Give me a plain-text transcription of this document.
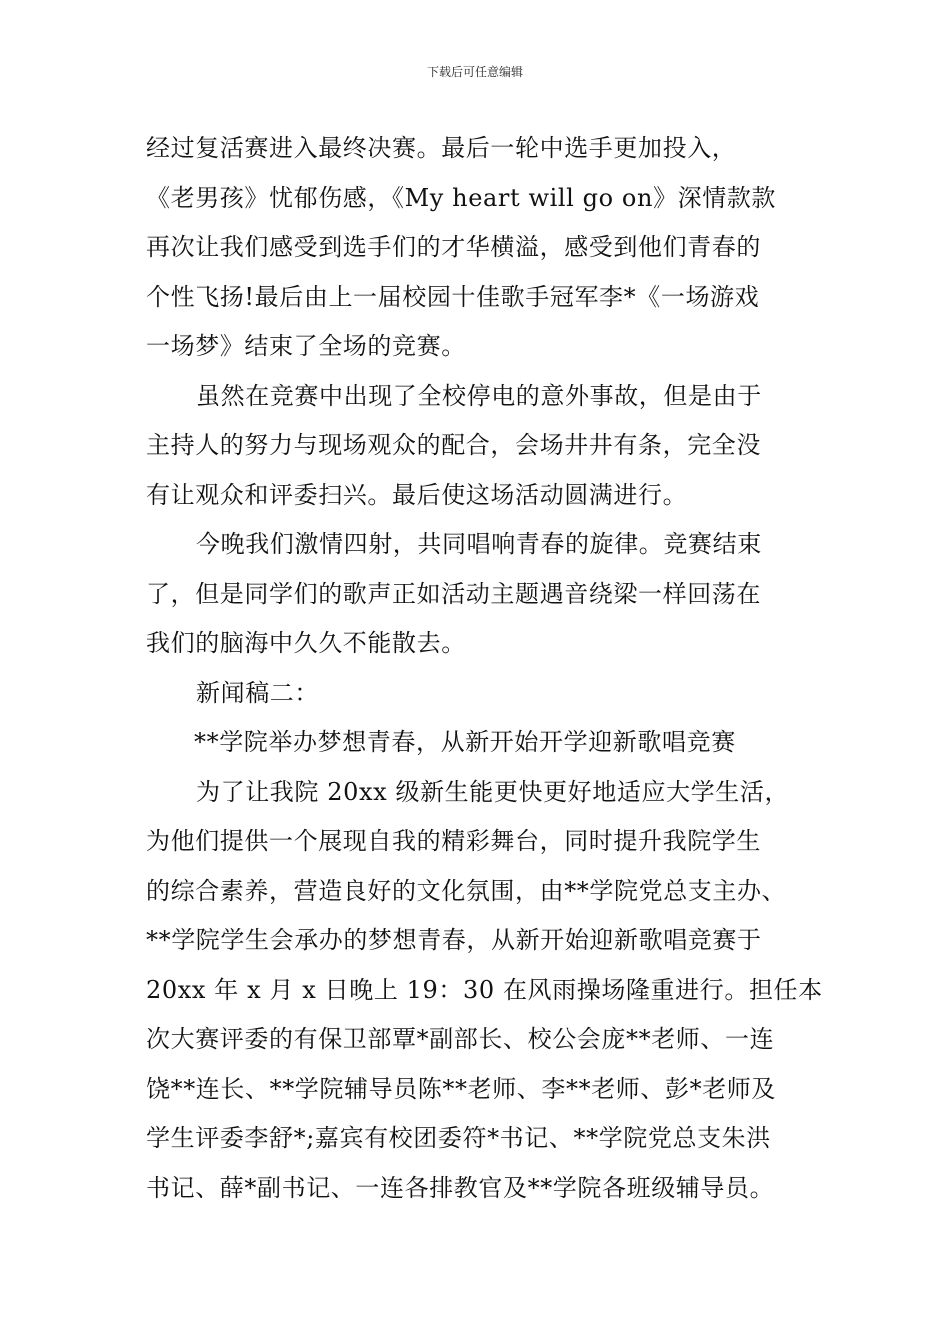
下载后可任意编辑
经过复活赛进入最终决赛。最后一轮中选手更加投入，
《老男孩》忧郁伤感，《My heart will go on》深情款款
再次让我们感受到选手们的才华横溢，感受到他们青春的
个性飞扬!最后由上一届校园十佳歌手冠军李*《一场游戏
一场梦》结束了全场的竞赛。
虽然在竞赛中出现了全校停电的意外事故，但是由于
主持人的努力与现场观众的配合，会场井井有条，完全没
有让观众和评委扫兴。最后使这场活动圆满进行。
今晚我们激情四射，共同唱响青春的旋律。竞赛结束
了，但是同学们的歌声正如活动主题遇音绕梁一样回荡在
我们的脑海中久久不能散去。
新闻稿二：
**学院举办梦想青春，从新开始开学迎新歌唱竞赛
为了让我院 20xx 级新生能更快更好地适应大学生活，
为他们提供一个展现自我的精彩舞台，同时提升我院学生
的综合素养，营造良好的文化氛围，由**学院党总支主办、
**学院学生会承办的梦想青春，从新开始迎新歌唱竞赛于
20xx 年 x 月 x 日晚上 19：30 在风雨操场隆重进行。担任本
次大赛评委的有保卫部覃*副部长、校公会庞**老师、一连
饶**连长、**学院辅导员陈**老师、李**老师、彭*老师及
学生评委李舒*;嘉宾有校团委符*书记、**学院党总支朱洪
书记、薛*副书记、一连各排教官及**学院各班级辅导员。
